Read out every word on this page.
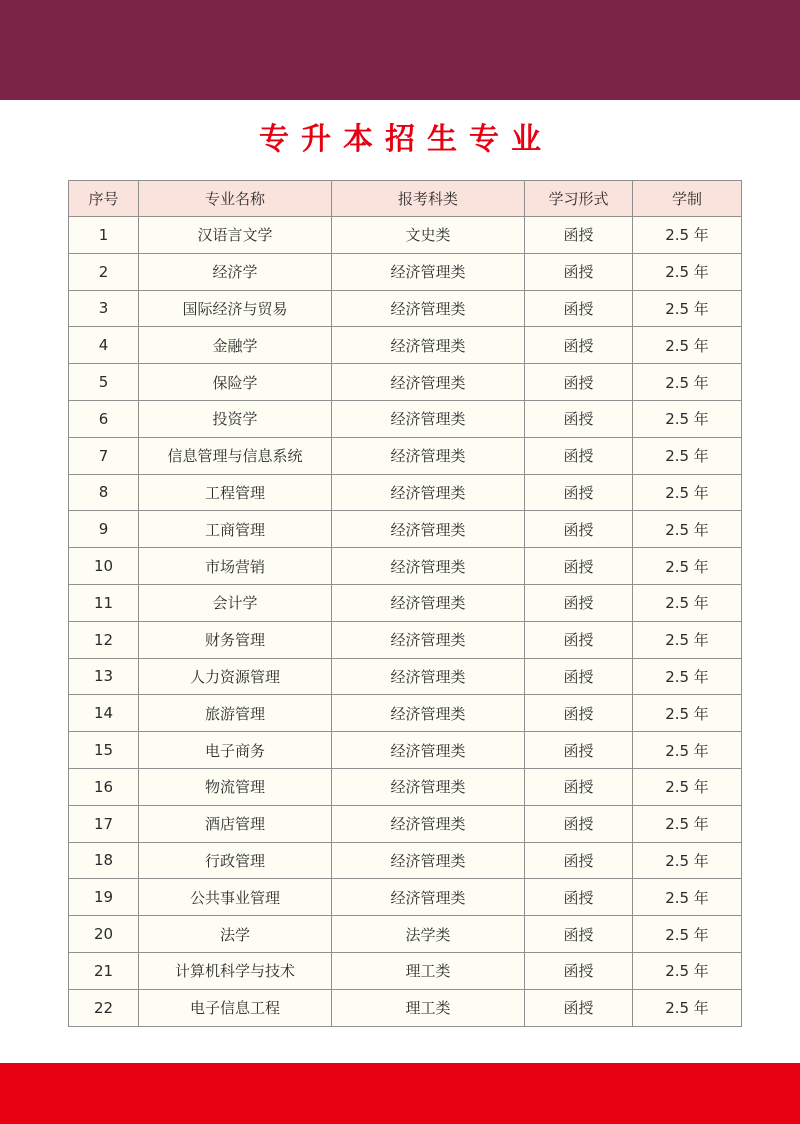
专升本招生专业
序号	专业名称	报考科类	学习形式	学制
1	汉语言文学	文史类	函授	2.5 年
2	经济学	经济管理类	函授	2.5 年
3	国际经济与贸易	经济管理类	函授	2.5 年
4	金融学	经济管理类	函授	2.5 年
5	保险学	经济管理类	函授	2.5 年
6	投资学	经济管理类	函授	2.5 年
7	信息管理与信息系统	经济管理类	函授	2.5 年
8	工程管理	经济管理类	函授	2.5 年
9	工商管理	经济管理类	函授	2.5 年
10	市场营销	经济管理类	函授	2.5 年
11	会计学	经济管理类	函授	2.5 年
12	财务管理	经济管理类	函授	2.5 年
13	人力资源管理	经济管理类	函授	2.5 年
14	旅游管理	经济管理类	函授	2.5 年
15	电子商务	经济管理类	函授	2.5 年
16	物流管理	经济管理类	函授	2.5 年
17	酒店管理	经济管理类	函授	2.5 年
18	行政管理	经济管理类	函授	2.5 年
19	公共事业管理	经济管理类	函授	2.5 年
20	法学	法学类	函授	2.5 年
21	计算机科学与技术	理工类	函授	2.5 年
22	电子信息工程	理工类	函授	2.5 年
